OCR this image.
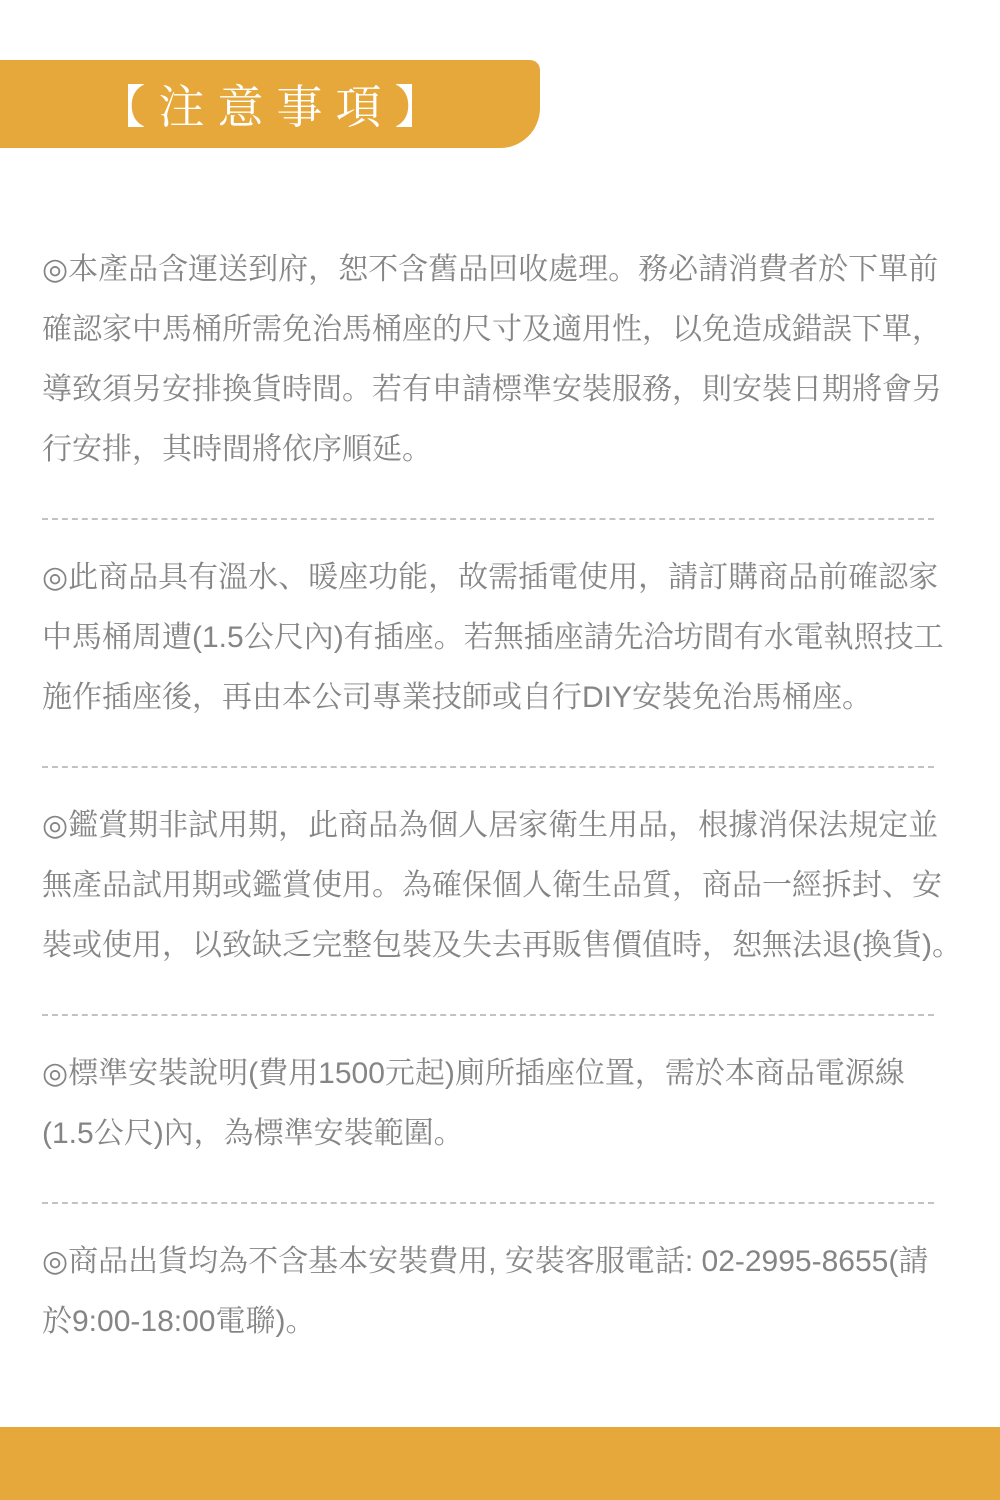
【注意事項】
◎本產品含運送到府，恕不含舊品回收處理。務必請消費者於下單前
確認家中馬桶所需免治馬桶座的尺寸及適用性，以免造成錯誤下單，
導致須另安排換貨時間。若有申請標準安裝服務，則安裝日期將會另
行安排，其時間將依序順延。
◎此商品具有溫水、暖座功能，故需插電使用，請訂購商品前確認家
中馬桶周遭(1.5公尺內)有插座。若無插座請先洽坊間有水電執照技工
施作插座後，再由本公司專業技師或自行DIY安裝免治馬桶座。
◎鑑賞期非試用期，此商品為個人居家衛生用品，根據消保法規定並
無產品試用期或鑑賞使用。為確保個人衛生品質，商品一經拆封、安
裝或使用，以致缺乏完整包裝及失去再販售價值時，恕無法退(換貨)。
◎標準安裝說明(費用1500元起)廁所插座位置，需於本商品電源線
(1.5公尺)內，為標準安裝範圍。
◎商品出貨均為不含基本安裝費用, 安裝客服電話: 02-2995-8655(請
於9:00-18:00電聯)。
